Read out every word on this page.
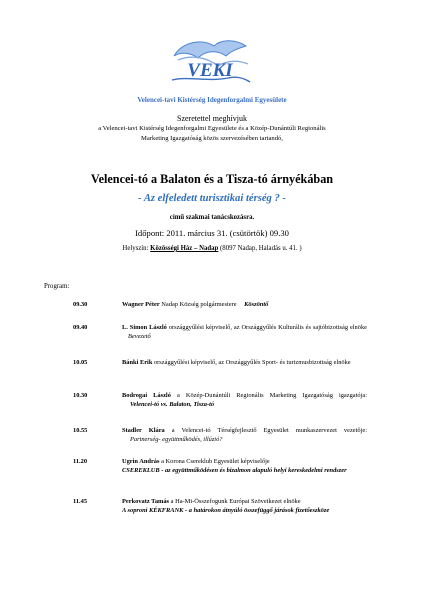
VEKI
Velencei-tavi Kistérség Idegenforgalmi Egyesülete
Szeretettel meghívjuk
a Velencei-tavi Kistérség Idegenforgalmi Egyesülete és a Közép-Dunántúli Regionális
Marketing Igazgatóság közös szervezésében tartandó,
Velencei-tó a Balaton és a Tisza-tó árnyékában
- Az elfeledett turisztikai térség ? -
című szakmai tanácskozásra.
Időpont: 2011. március 31. (csütörtök) 09.30
Helyszín: Közösségi Ház – Nadap (8097 Nadap, Haladás u. 41. )
Program:
09.30	Wagner Péter Nadap Község polgármestere Köszöntő
09.40	L. Simon László országgyűlési képviselő, az Országgyűlés Kulturális és sajtóbizottság elnöke Bevezető
10.05	Bánki Erik országgyűlési képviselő, az Országgyűlés Sport- és turizmusbizottság elnöke
10.30	Bodrogai László a Közép-Dunántúli Regionális Marketing Igazgatóság igazgatója: Velencei-tó vs. Balaton, Tisza-tó
10.55	Stadler Klára a Velencei-tó Térségfejlesztő Egyesület munkaszervezet vezetője: Partnerség- együttműködés, illúzió?
11.20	Ugrin András a Korona Csereklub Egyesület képviselője
CSEREKLUB - az együttműködésen és bizalmon alapuló helyi kereskedelmi rendszer
11.45	Perkovatz Tamás a Ha-Mi-Összefogunk Európai Szövetkezet elnöke
A soproni KÉKFRANK - a határokon átnyúló összefüggő járások fizetőeszköze
